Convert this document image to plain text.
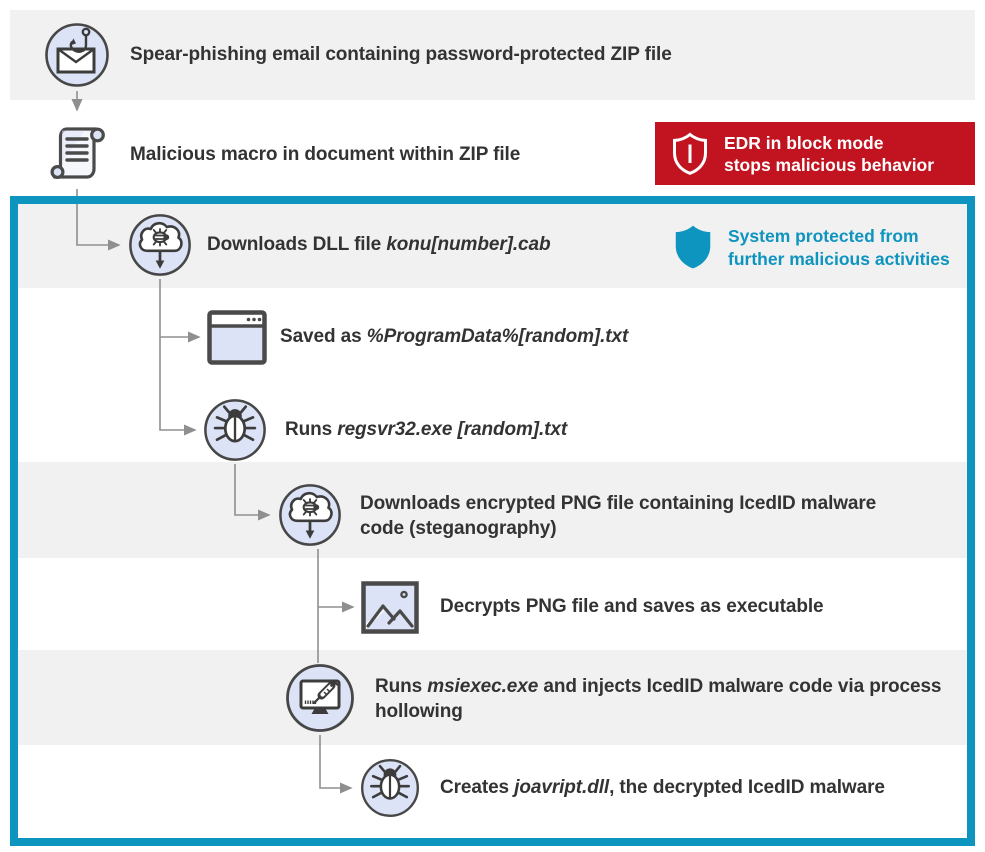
Spear-phishing email containing password-protected ZIP file
Malicious macro in document within ZIP file
Downloads DLL file konu[number].cab
Saved as %ProgramData%[random].txt
Runs regsvr32.exe [random].txt
Downloads encrypted PNG file containing IcedID malware code (steganography)
Decrypts PNG file and saves as executable
Runs msiexec.exe and injects IcedID malware code via process hollowing
Creates joavript.dll, the decrypted IcedID malware
EDR in block mode
stops malicious behavior
System protected from
further malicious activities
